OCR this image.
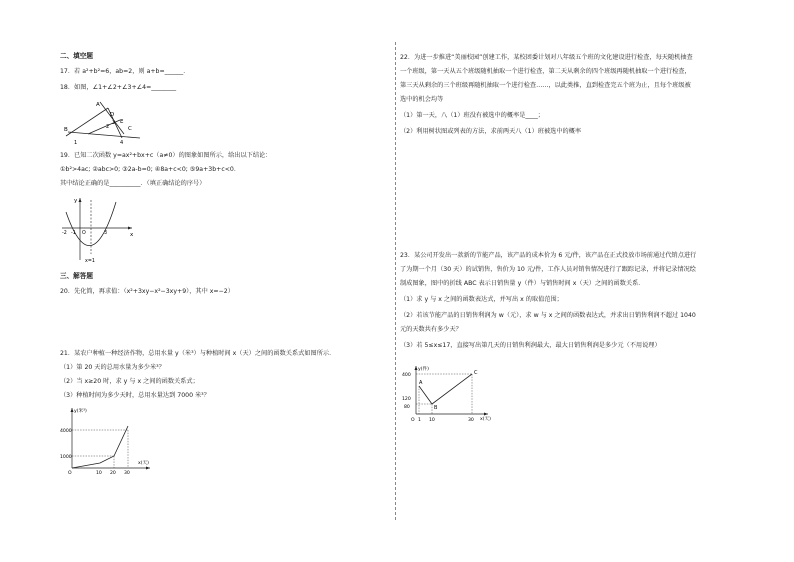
二、填空题
17．若 a²+b²=6，ab=2，则 a+b=______．
18．如图，∠1+∠2+∠3+∠4=________
A
B	C
D
E
1
2
3
4
19．已知二次函数 y=ax²+bx+c（a≠0）的图象如图所示，给出以下结论：
①b²>4ac; ②abc>0; ③2a-b=0; ④8a+c<0; ⑤9a+3b+c<0．
其中结论正确的是__________．（填正确结论的序号）
y
x
-2 -1 O	3
x=1
三、解答题
20．先化简，再求值：（x²+3xy−x²−3xy+9），其中 x=−2）
21．某农户种植一种经济作物，总用水量 y（米³）与种植时间 x（天）之间的函数关系式如图所示．
（1）第 20 天的总用水量为多少米³？
（2）当 x≥20 时，求 y 与 x 之间的函数关系式；
（3）种植时间为多少天时，总用水量达到 7000 米³？
y(米³)
x(天)
4000
1000
O	20 30
10
22．为进一步推进“美丽校园”创建工作，某校团委计划对八年级五个班的文化建设进行检查，每天随机抽查
一个班级，第一天从五个班级随机抽取一个进行检查，第二天从剩余的四个班级再随机抽取一个进行检查，
第三天从剩余的三个班级再随机抽取一个进行检查……，以此类推，直到检查完五个班为止，且每个班级被
选中的机会均等
（1）第一天，八（1）班没有被选中的概率是____；
（2）利用树状图或列表的方法，求前两天八（1）班被选中的概率
23．某公司开发出一款新的节能产品，该产品的成本价为 6 元/件，该产品在正式投放市场前通过代销点进行
了为期一个月（30 天）的试销售，售价为 10 元/件，工作人员对销售情况进行了跟踪记录，并将记录情况绘
制成图象，图中的折线 ABC 表示日销售量 y（件）与销售时间 x（天）之间的函数关系．
（1）求 y 与 x 之间的函数表达式，并写出 x 的取值范围；
（2）若该节能产品的日销售利润为 w（元），求 w 与 x 之间的函数表达式，并求出日销售利润不超过 1040
元的天数共有多少天？
（3）若 5≤x≤17，直接写出第几天的日销售利润最大，最大日销售利润是多少元（不用说理）
y(件)
x(天)
400
120
80
O 1 10	30
A
B
C
